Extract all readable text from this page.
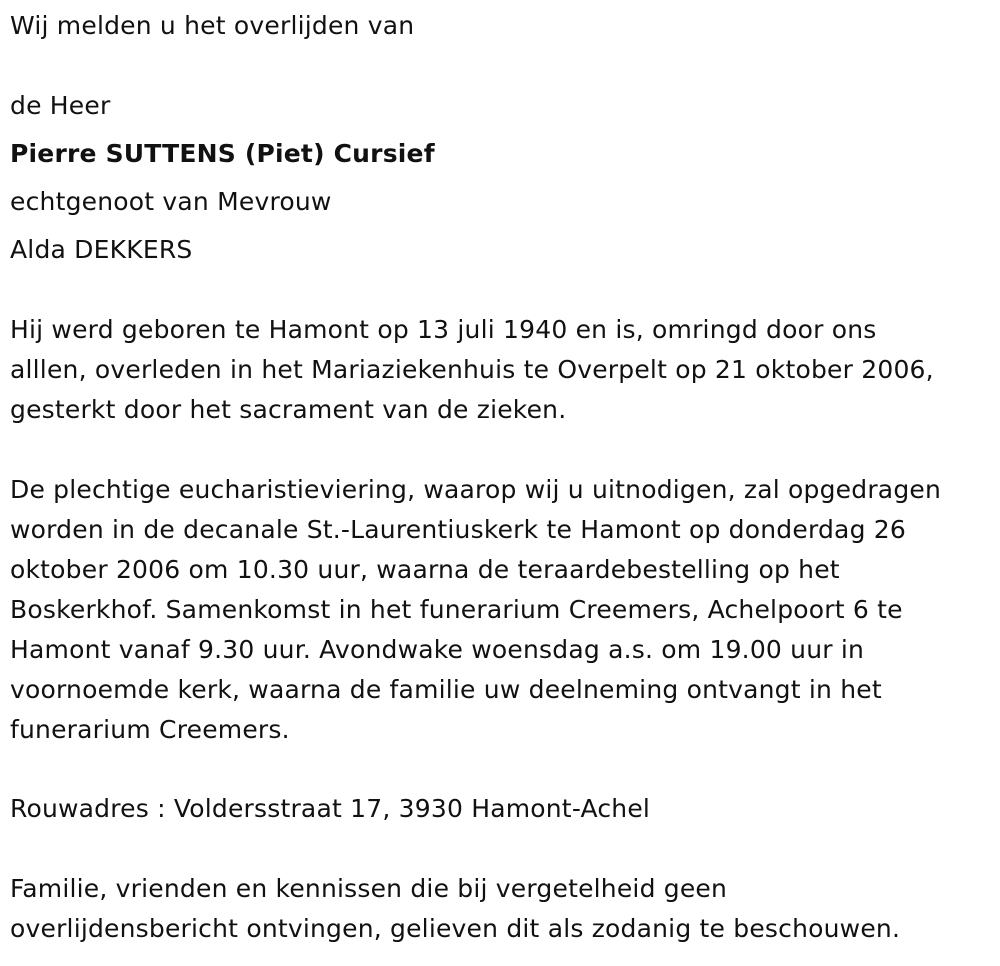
Wij melden u het overlijden van
de Heer
Pierre SUTTENS (Piet) Cursief
echtgenoot van Mevrouw
Alda DEKKERS
Hij werd geboren te Hamont op 13 juli 1940 en is, omringd door ons
alllen, overleden in het Mariaziekenhuis te Overpelt op 21 oktober 2006,
gesterkt door het sacrament van de zieken.
De plechtige eucharistieviering, waarop wij u uitnodigen, zal opgedragen
worden in de decanale St.-Laurentiuskerk te Hamont op donderdag 26
oktober 2006 om 10.30 uur, waarna de teraardebestelling op het
Boskerkhof. Samenkomst in het funerarium Creemers, Achelpoort 6 te
Hamont vanaf 9.30 uur. Avondwake woensdag a.s. om 19.00 uur in
voornoemde kerk, waarna de familie uw deelneming ontvangt in het
funerarium Creemers.
Rouwadres : Voldersstraat 17, 3930 Hamont-Achel
Familie, vrienden en kennissen die bij vergetelheid geen
overlijdensbericht ontvingen, gelieven dit als zodanig te beschouwen.
